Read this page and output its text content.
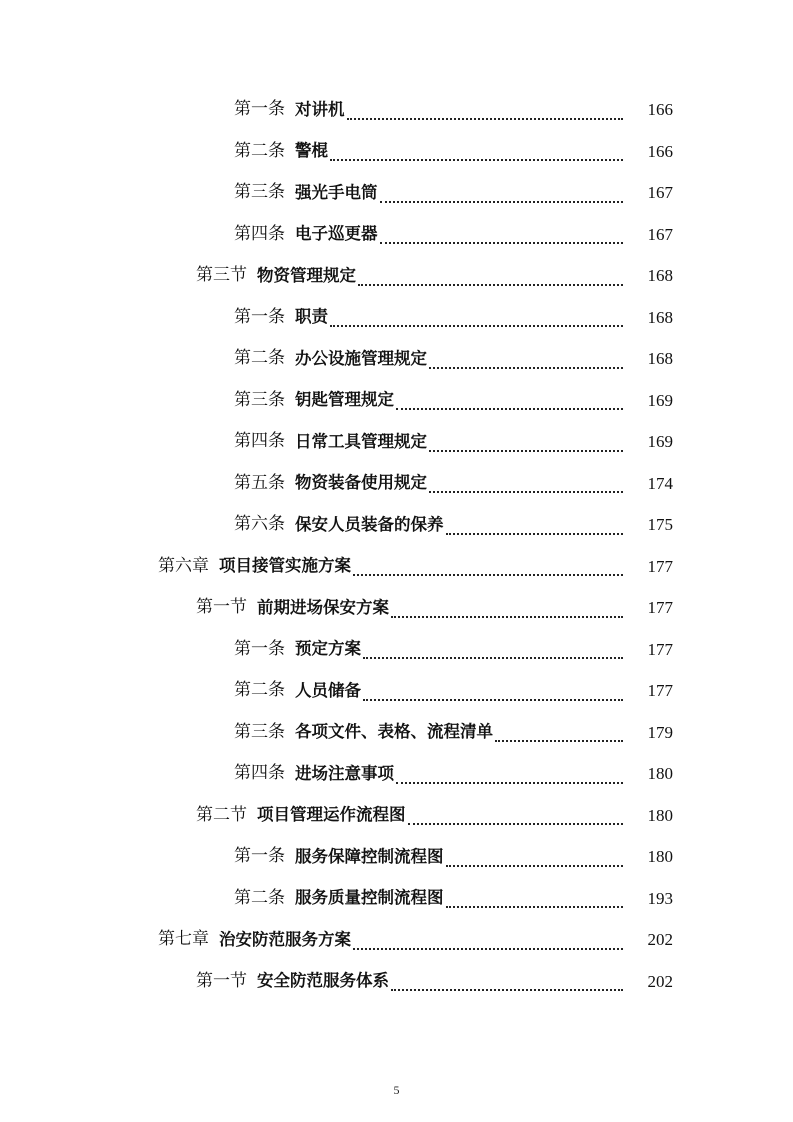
第一条 对讲机	166
第二条 警棍	166
第三条 强光手电筒	167
第四条 电子巡更器	167
第三节 物资管理规定	168
第一条 职责	168
第二条 办公设施管理规定	168
第三条 钥匙管理规定	169
第四条 日常工具管理规定	169
第五条 物资装备使用规定	174
第六条 保安人员装备的保养	175
第六章 项目接管实施方案	177
第一节 前期进场保安方案	177
第一条 预定方案	177
第二条 人员储备	177
第三条 各项文件、表格、流程清单	179
第四条 进场注意事项	180
第二节 项目管理运作流程图	180
第一条 服务保障控制流程图	180
第二条 服务质量控制流程图	193
第七章 治安防范服务方案	202
第一节 安全防范服务体系	202
5
